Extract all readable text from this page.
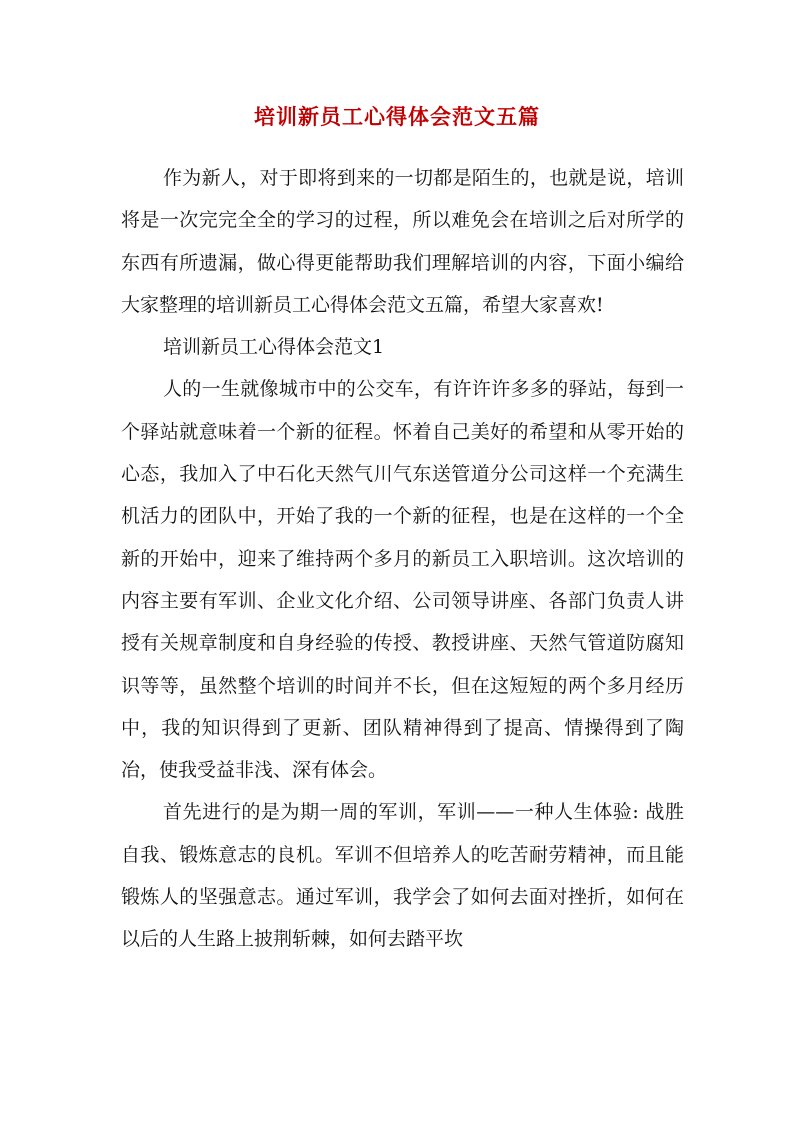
培训新员工心得体会范文五篇

作为新人，对于即将到来的一切都是陌生的，也就是说，培训将是一次完完全全的学习的过程，所以难免会在培训之后对所学的东西有所遗漏，做心得更能帮助我们理解培训的内容，下面小编给大家整理的培训新员工心得体会范文五篇，希望大家喜欢!

培训新员工心得体会范文1

人的一生就像城市中的公交车，有许许许多多的驿站，每到一个驿站就意味着一个新的征程。怀着自己美好的希望和从零开始的心态，我加入了中石化天然气川气东送管道分公司这样一个充满生机活力的团队中，开始了我的一个新的征程，也是在这样的一个全新的开始中，迎来了维持两个多月的新员工入职培训。这次培训的内容主要有军训、企业文化介绍、公司领导讲座、各部门负责人讲授有关规章制度和自身经验的传授、教授讲座、天然气管道防腐知识等等，虽然整个培训的时间并不长，但在这短短的两个多月经历中，我的知识得到了更新、团队精神得到了提高、情操得到了陶冶，使我受益非浅、深有体会。

首先进行的是为期一周的军训，军训——一种人生体验: 战胜自我、锻炼意志的良机。军训不但培养人的吃苦耐劳精神，而且能锻炼人的坚强意志。通过军训，我学会了如何去面对挫折，如何在以后的人生路上披荆斩棘，如何去踏平坎
